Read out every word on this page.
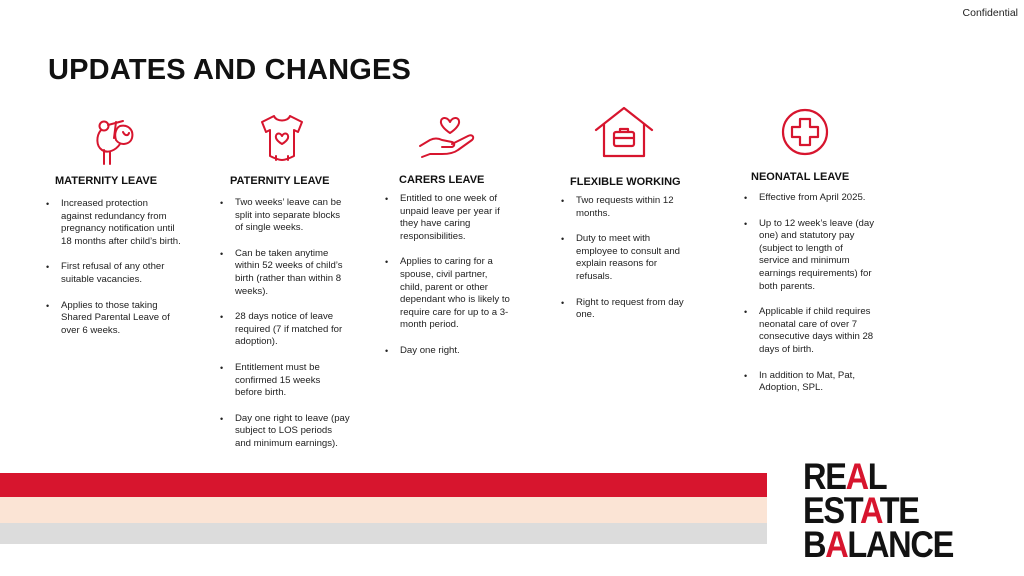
Confidential
UPDATES AND CHANGES
MATERNITY LEAVE
• Increased protection against redundancy from pregnancy notification until 18 months after child’s birth.
• First refusal of any other suitable vacancies.
• Applies to those taking Shared Parental Leave of over 6 weeks.
PATERNITY LEAVE
• Two weeks’ leave can be split into separate blocks of single weeks.
• Can be taken anytime within 52 weeks of child’s birth (rather than within 8 weeks).
• 28 days notice of leave required (7 if matched for adoption).
• Entitlement must be confirmed 15 weeks before birth.
• Day one right to leave (pay subject to LOS periods and minimum earnings).
CARERS LEAVE
• Entitled to one week of unpaid leave per year if they have caring responsibilities.
• Applies to caring for a spouse, civil partner, child, parent or other dependant who is likely to require care for up to a 3-month period.
• Day one right.
FLEXIBLE WORKING
• Two requests within 12 months.
• Duty to meet with employee to consult and explain reasons for refusals.
• Right to request from day one.
NEONATAL LEAVE
• Effective from April 2025.
• Up to 12 week’s leave (day one) and statutory pay (subject to length of service and minimum earnings requirements) for both parents.
• Applicable if child requires neonatal care of over 7 consecutive days within 28 days of birth.
• In addition to Mat, Pat, Adoption, SPL.
REAL
ESTATE
BALANCE
